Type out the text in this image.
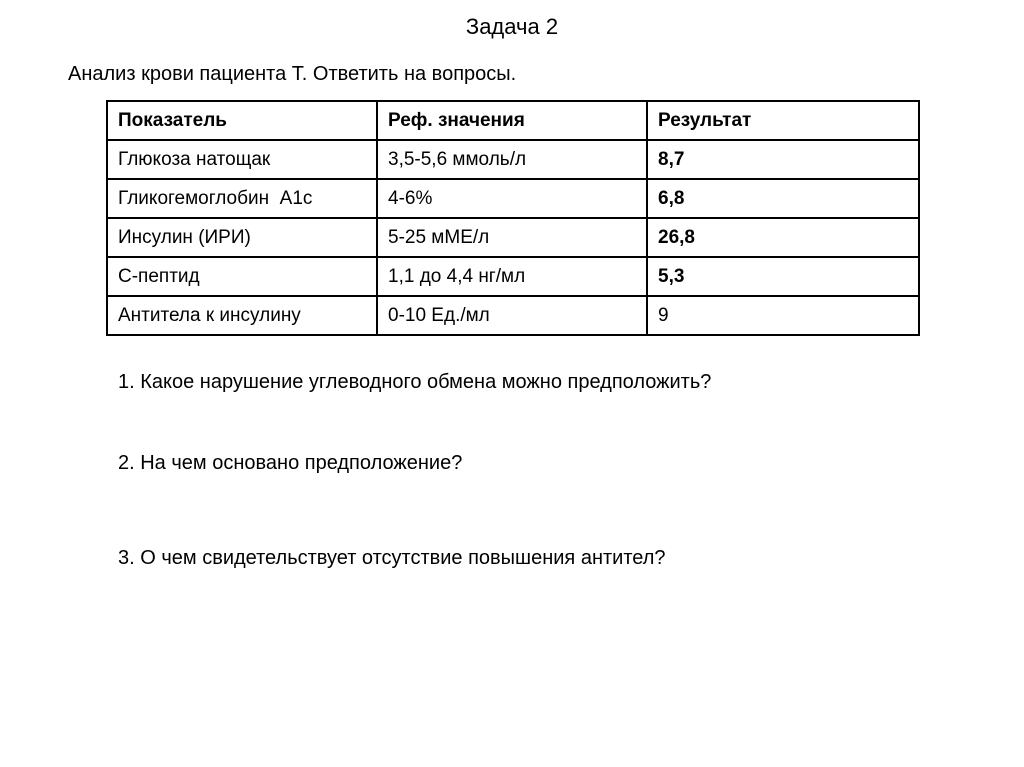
Задача 2
Анализ крови пациента Т. Ответить на вопросы.
Показатель	Реф. значения	Результат
Глюкоза натощак	3,5-5,6 ммоль/л	8,7
Гликогемоглобин  А1с	4-6%	6,8
Инсулин (ИРИ)	5-25 мМЕ/л	26,8
С-пептид	1,1 до 4,4 нг/мл	5,3
Антитела к инсулину	0-10 Ед./мл	9
1. Какое нарушение углеводного обмена можно предположить?
2. На чем основано предположение?
3. О чем свидетельствует отсутствие повышения антител?
